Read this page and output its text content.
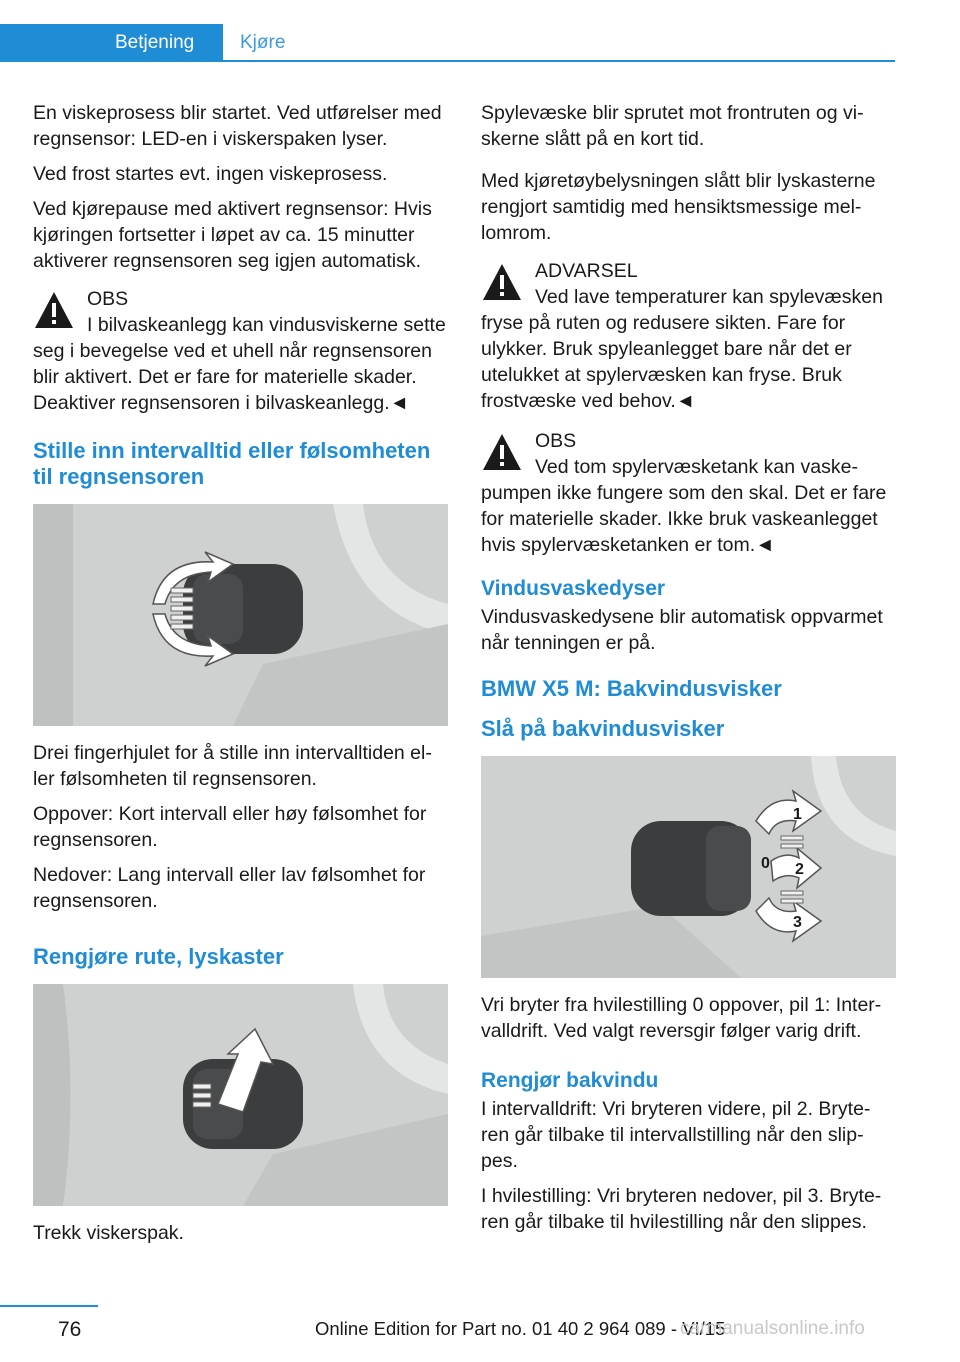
Betjening Kjøre

En viskeprosess blir startet. Ved utførelser med regnsensor: LED-en i viskerspaken lyser.

Ved frost startes evt. ingen viskeprosess.

Ved kjørepause med aktivert regnsensor: Hvis kjøringen fortsetter i løpet av ca. 15 minutter aktiverer regnsensoren seg igjen automatisk.

OBS
I bilvaskeanlegg kan vindusviskerne sette seg i bevegelse ved et uhell når regnsensoren blir aktivert. Det er fare for materielle skader. Deaktiver regnsensoren i bilvaskeanlegg.◄
Stille inn intervalltid eller følsomheten til regnsensoren

Drei fingerhjulet for å stille inn intervalltiden el‐ler følsomheten til regnsensoren.

Oppover: Kort intervall eller høy følsomhet for regnsensoren.

Nedover: Lang intervall eller lav følsomhet for regnsensoren.

Rengjøre rute, lyskaster

Trekk viskerspak.

Spylevæske blir sprutet mot frontruten og vi‐skerne slått på en kort tid.

Med kjøretøybelysningen slått blir lyskasterne rengjort samtidig med hensiktsmessige mel‐lomrom.

ADVARSEL
Ved lave temperaturer kan spylevæsken fryse på ruten og redusere sikten. Fare for ulykker. Bruk spyleanlegget bare når det er utelukket at spylervæsken kan fryse. Bruk frostvæske ved behov.◄
OBS
Ved tom spylervæsketank kan vaske‐pumpen ikke fungere som den skal. Det er fare for materielle skader. Ikke bruk vaskeanlegget hvis spylervæsketanken er tom.◄
Vindusvaskedyser

Vindusvaskedysene blir automatisk oppvarmet når tenningen er på.

BMW X5 M: Bakvindusvisker
Slå på bakvindusvisker
0
1
2
3

Vri bryter fra hvilestilling 0 oppover, pil 1: Inter‐valldrift. Ved valgt reversgir følger varig drift.

Rengjør bakvindu

I intervalldrift: Vri bryteren videre, pil 2. Bryte‐ren går tilbake til intervallstilling når den slip‐pes.

I hvilestilling: Vri bryteren nedover, pil 3. Bryte‐ren går tilbake til hvilestilling når den slippes.

76	Online Edition for Part no. 01 40 2 964 089 - VI/15
carmanualsonline.info
